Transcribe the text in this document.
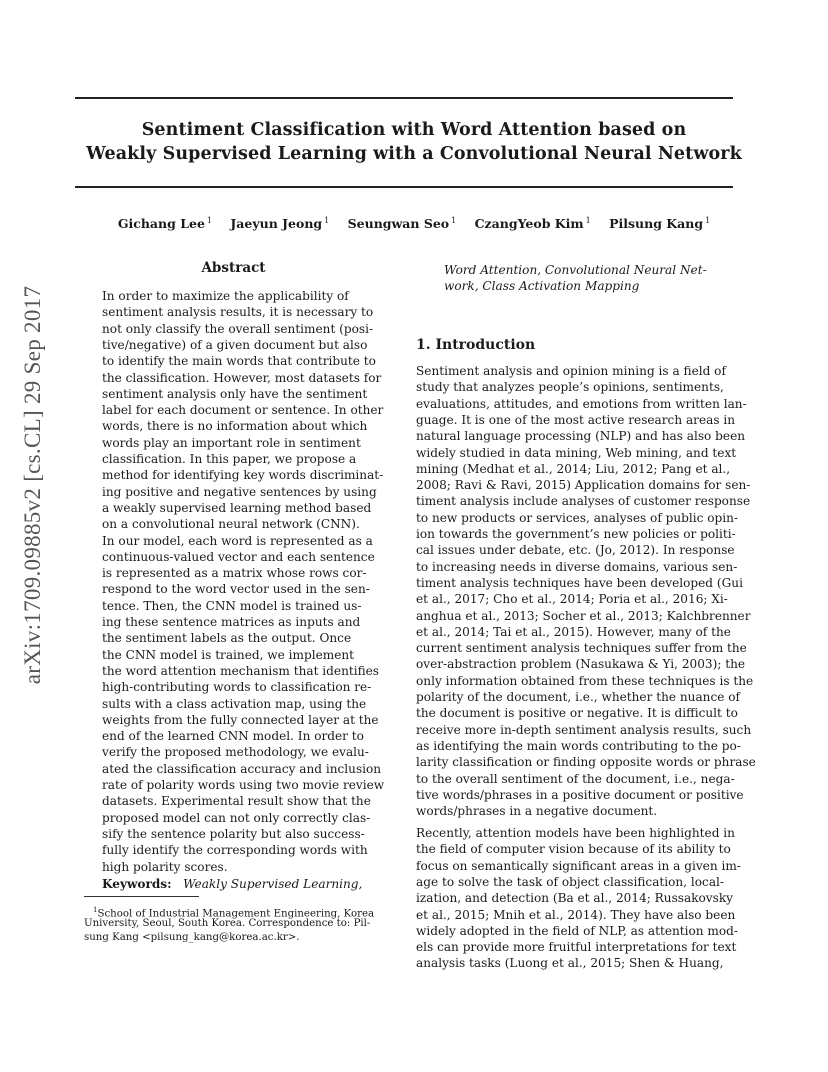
Sentiment Classification with Word Attention based on
Weakly Supervised Learning with a Convolutional Neural Network
Gichang Lee $^1$ Jaeyun Jeong $^1$ Seungwan Seo $^1$ CzangYeob Kim $^1$ Pilsung Kang $^1$
arXiv:1709.09885v2 [cs.CL] 29 Sep 2017
Abstract
In order to maximize the applicability of
sentiment analysis results, it is necessary to
not only classify the overall sentiment (posi-
tive/negative) of a given document but also
to identify the main words that contribute to
the classification. However, most datasets for
sentiment analysis only have the sentiment
label for each document or sentence. In other
words, there is no information about which
words play an important role in sentiment
classification. In this paper, we propose a
method for identifying key words discriminat-
ing positive and negative sentences by using
a weakly supervised learning method based
on a convolutional neural network (CNN).
In our model, each word is represented as a
continuous-valued vector and each sentence
is represented as a matrix whose rows cor-
respond to the word vector used in the sen-
tence. Then, the CNN model is trained us-
ing these sentence matrices as inputs and
the sentiment labels as the output. Once
the CNN model is trained, we implement
the word attention mechanism that identifies
high-contributing words to classification re-
sults with a class activation map, using the
weights from the fully connected layer at the
end of the learned CNN model. In order to
verify the proposed methodology, we evalu-
ated the classification accuracy and inclusion
rate of polarity words using two movie review
datasets. Experimental result show that the
proposed model can not only correctly clas-
sify the sentence polarity but also success-
fully identify the corresponding words with
high polarity scores.
Keywords: Weakly Supervised Learning,
$^1$School of Industrial Management Engineering, Korea
University, Seoul, South Korea. Correspondence to: Pil-
sung Kang <pilsung_kang@korea.ac.kr>.
Word Attention, Convolutional Neural Net-
work, Class Activation Mapping
1. Introduction
Sentiment analysis and opinion mining is a field of
study that analyzes people’s opinions, sentiments,
evaluations, attitudes, and emotions from written lan-
guage. It is one of the most active research areas in
natural language processing (NLP) and has also been
widely studied in data mining, Web mining, and text
mining (Medhat et al., 2014; Liu, 2012; Pang et al.,
2008; Ravi & Ravi, 2015) Application domains for sen-
timent analysis include analyses of customer response
to new products or services, analyses of public opin-
ion towards the government’s new policies or politi-
cal issues under debate, etc. (Jo, 2012). In response
to increasing needs in diverse domains, various sen-
timent analysis techniques have been developed (Gui
et al., 2017; Cho et al., 2014; Poria et al., 2016; Xi-
anghua et al., 2013; Socher et al., 2013; Kalchbrenner
et al., 2014; Tai et al., 2015). However, many of the
current sentiment analysis techniques suffer from the
over-abstraction problem (Nasukawa & Yi, 2003); the
only information obtained from these techniques is the
polarity of the document, i.e., whether the nuance of
the document is positive or negative. It is difficult to
receive more in-depth sentiment analysis results, such
as identifying the main words contributing to the po-
larity classification or finding opposite words or phrase
to the overall sentiment of the document, i.e., nega-
tive words/phrases in a positive document or positive
words/phrases in a negative document.
Recently, attention models have been highlighted in
the field of computer vision because of its ability to
focus on semantically significant areas in a given im-
age to solve the task of object classification, local-
ization, and detection (Ba et al., 2014; Russakovsky
et al., 2015; Mnih et al., 2014). They have also been
widely adopted in the field of NLP, as attention mod-
els can provide more fruitful interpretations for text
analysis tasks (Luong et al., 2015; Shen & Huang,
